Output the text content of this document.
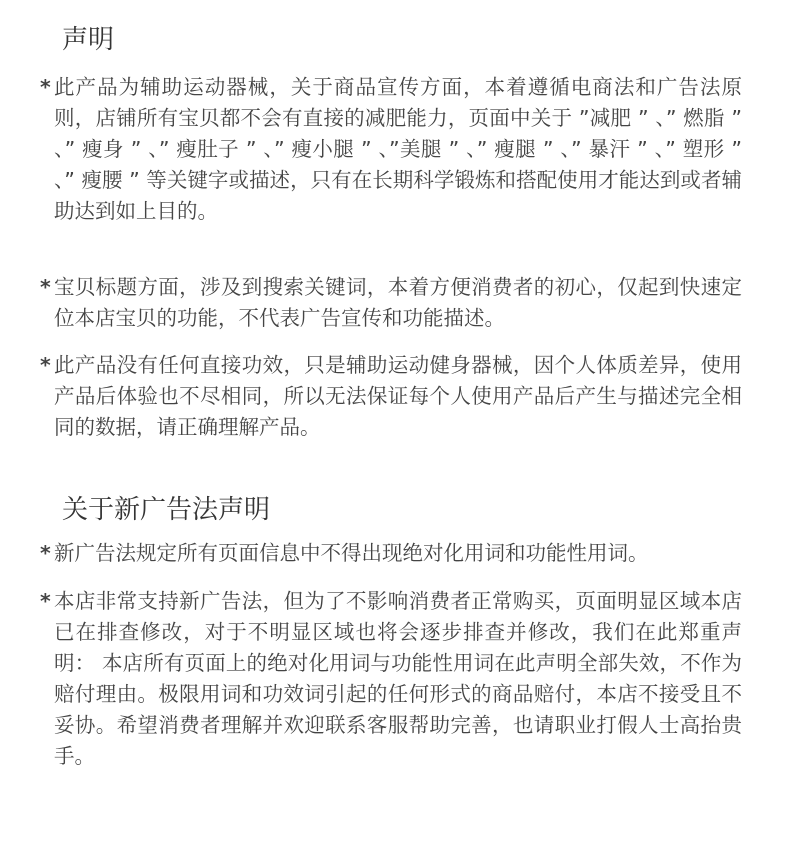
声明

* 此产品为辅助运动器械，关于商品宣传方面，本着遵循电商法和广告法原则，店铺所有宝贝都不会有直接的减肥能力，页面中关于 ”减肥 ” 、” 燃脂 ” 、” 瘦身 ” 、” 瘦肚子 ” 、” 瘦小腿 ” 、”美腿 ” 、” 瘦腿 ” 、” 暴汗 ” 、” 塑形 ” 、” 瘦腰 ” 等关键字或描述，只有在长期科学锻炼和搭配使用才能达到或者辅助达到如上目的。

* 宝贝标题方面，涉及到搜索关键词，本着方便消费者的初心，仅起到快速定位本店宝贝的功能，不代表广告宣传和功能描述。

* 此产品没有任何直接功效，只是辅助运动健身器械，因个人体质差异，使用产品后体验也不尽相同，所以无法保证每个人使用产品后产生与描述完全相同的数据，请正确理解产品。

关于新广告法声明

* 新广告法规定所有页面信息中不得出现绝对化用词和功能性用词。

* 本店非常支持新广告法，但为了不影响消费者正常购买，页面明显区域本店已在排查修改，对于不明显区域也将会逐步排查并修改，我们在此郑重声明： 本店所有页面上的绝对化用词与功能性用词在此声明全部失效，不作为赔付理由。极限用词和功效词引起的任何形式的商品赔付，本店不接受且不妥协。希望消费者理解并欢迎联系客服帮助完善，也请职业打假人士高抬贵手。
